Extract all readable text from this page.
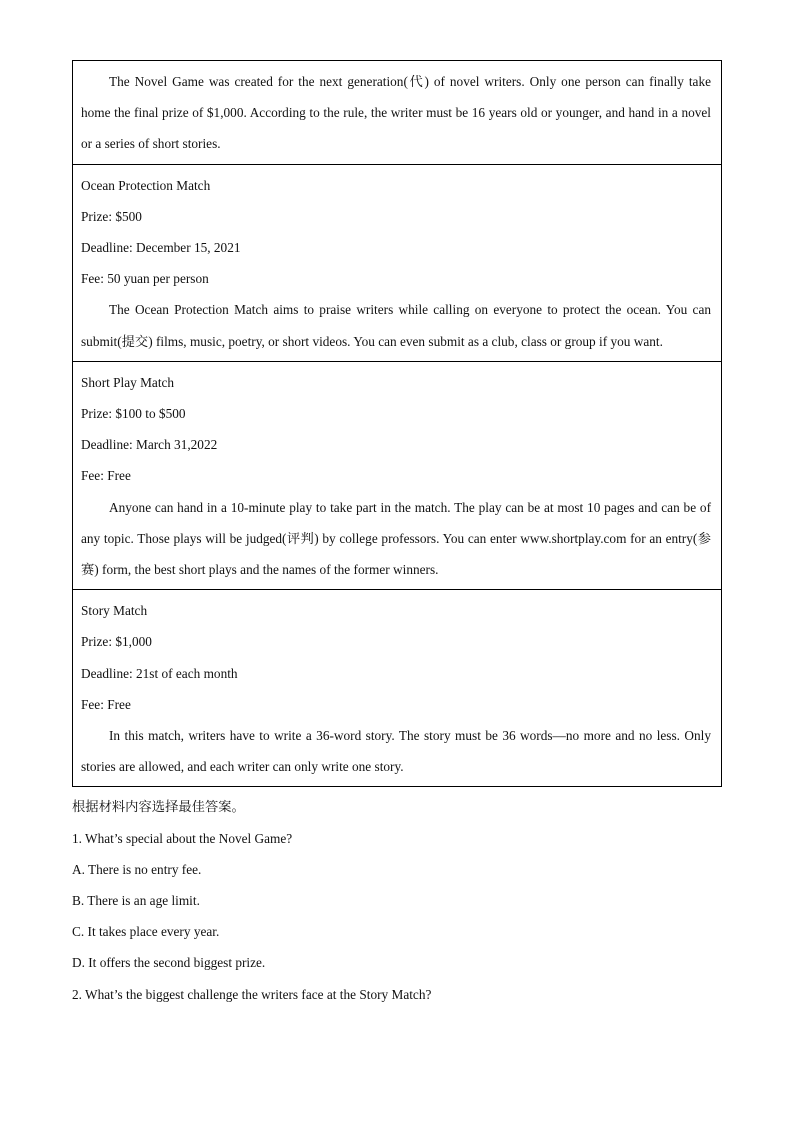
The Novel Game was created for the next generation(代) of novel writers. Only one person can finally take home the final prize of $1,000. According to the rule, the writer must be 16 years old or younger, and hand in a novel or a series of short stories.

Ocean Protection Match
Prize: $500
Deadline: December 15, 2021
Fee: 50 yuan per person
The Ocean Protection Match aims to praise writers while calling on everyone to protect the ocean. You can submit(提交) films, music, poetry, or short videos. You can even submit as a club, class or group if you want.

Short Play Match
Prize: $100 to $500
Deadline: March 31,2022
Fee: Free
Anyone can hand in a 10-minute play to take part in the match. The play can be at most 10 pages and can be of any topic. Those plays will be judged(评判) by college professors. You can enter www.shortplay.com for an entry(参赛) form, the best short plays and the names of the former winners.

Story Match
Prize: $1,000
Deadline: 21st of each month
Fee: Free
In this match, writers have to write a 36-word story. The story must be 36 words—no more and no less. Only stories are allowed, and each writer can only write one story.
根据材料内容选择最佳答案。
1. What’s special about the Novel Game?
A. There is no entry fee.
B. There is an age limit.
C. It takes place every year.
D. It offers the second biggest prize.
2. What’s the biggest challenge the writers face at the Story Match?
